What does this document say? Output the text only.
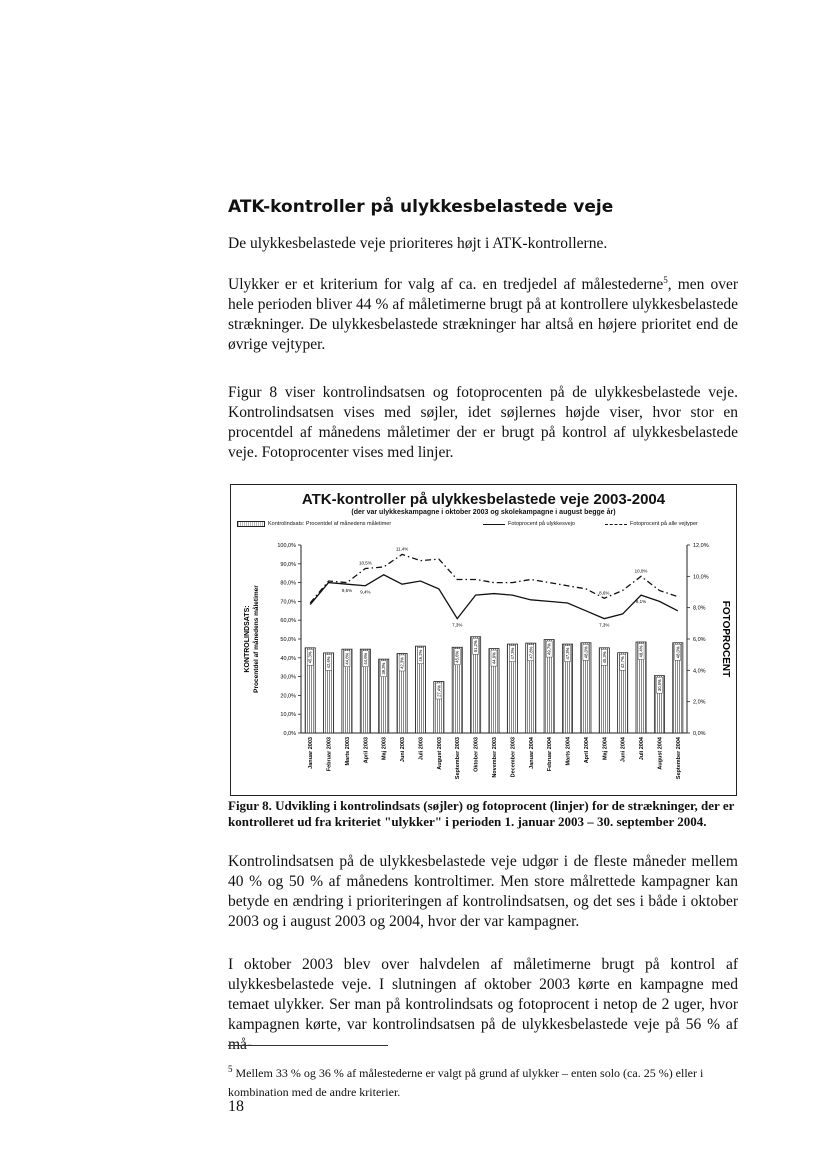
ATK-kontroller på ulykkesbelastede veje
De ulykkesbelastede veje prioriteres højt i ATK-kontrollerne.
Ulykker er et kriterium for valg af ca. en tredjedel af målestederne$^5$, men over hele perioden bliver 44 % af måletimerne brugt på at kontrollere ulykkesbelastede strækninger. De ulykkesbelastede strækninger har altså en højere prioritet end de øvrige vejtyper.
Figur 8 viser kontrolindsatsen og fotoprocenten på de ulykkesbelastede veje. Kontrolindsatsen vises med søjler, idet søjlernes højde viser, hvor stor en procentdel af månedens måletimer der er brugt på kontrol af ulykkesbelastede veje. Fotoprocenter vises med linjer.
ATK-kontroller på ulykkesbelastede veje 2003-2004
(der var ulykkeskampagne i oktober 2003 og skolekampagne i august begge år)
Kontrolindsats: Procentdel af månedens måletimer	Fotoprocent på ulykkesvejo	Fotoprocent på alle vejtyper
0,0%
10,0%
20,0%
30,0%
40,0%
50,0%
60,0%
70,0%
80,0%
90,0%
100,0%
0,0%
2,0%
4,0%
6,0%
8,0%
10,0%
12,0%
KONTROLINDSATS: Procentdel af månedens måletimer	FOTOPROCENT
45,3%
Januar 2003
42,6%
Februar 2003
44,6%
Marts 2003
44,6%
April 2003
39,3%
Maj 2003
42,3%
Juni 2003
46,2%
Juli 2003
27,4%
August 2003
45,6%
September 2003
51,2%
Oktober 2003
44,9%
November 2003
47,3%
December 2003
47,8%
Januar 2004
49,7%
Februar 2004
47,3%
Marts 2004
48,0%
April 2004
45,3%
Maj 2004
42,7%
Juni 2004
48,4%
Juli 2004
30,5%
August 2004
48,0%
September 2004
9,5% 9,4%
7,3%	7,3%
8,1%
10,5%
11,4%
8,6%
10,0%
Figur 8. Udvikling i kontrolindsats (søjler) og fotoprocent (linjer) for de strækninger, der er kontrolleret ud fra kriteriet "ulykker" i perioden 1. januar 2003 – 30. september 2004.
Kontrolindsatsen på de ulykkesbelastede veje udgør i de fleste måneder mellem 40 % og 50 % af månedens kontroltimer. Men store målrettede kampagner kan betyde en ændring i prioriteringen af kontrolindsatsen, og det ses i både i oktober 2003 og i august 2003 og 2004, hvor der var kampagner.
I oktober 2003 blev over halvdelen af måletimerne brugt på kontrol af ulykkesbelastede veje. I slutningen af oktober 2003 kørte en kampagne med temaet ulykker. Ser man på kontrolindsats og fotoprocent i netop de 2 uger, hvor kampagnen kørte, var kontrolindsatsen på de ulykkesbelastede veje på 56 % af må-
$^5$ Mellem 33 % og 36 % af målestederne er valgt på grund af ulykker – enten solo (ca. 25 %) eller i kombination med de andre kriterier.
18
